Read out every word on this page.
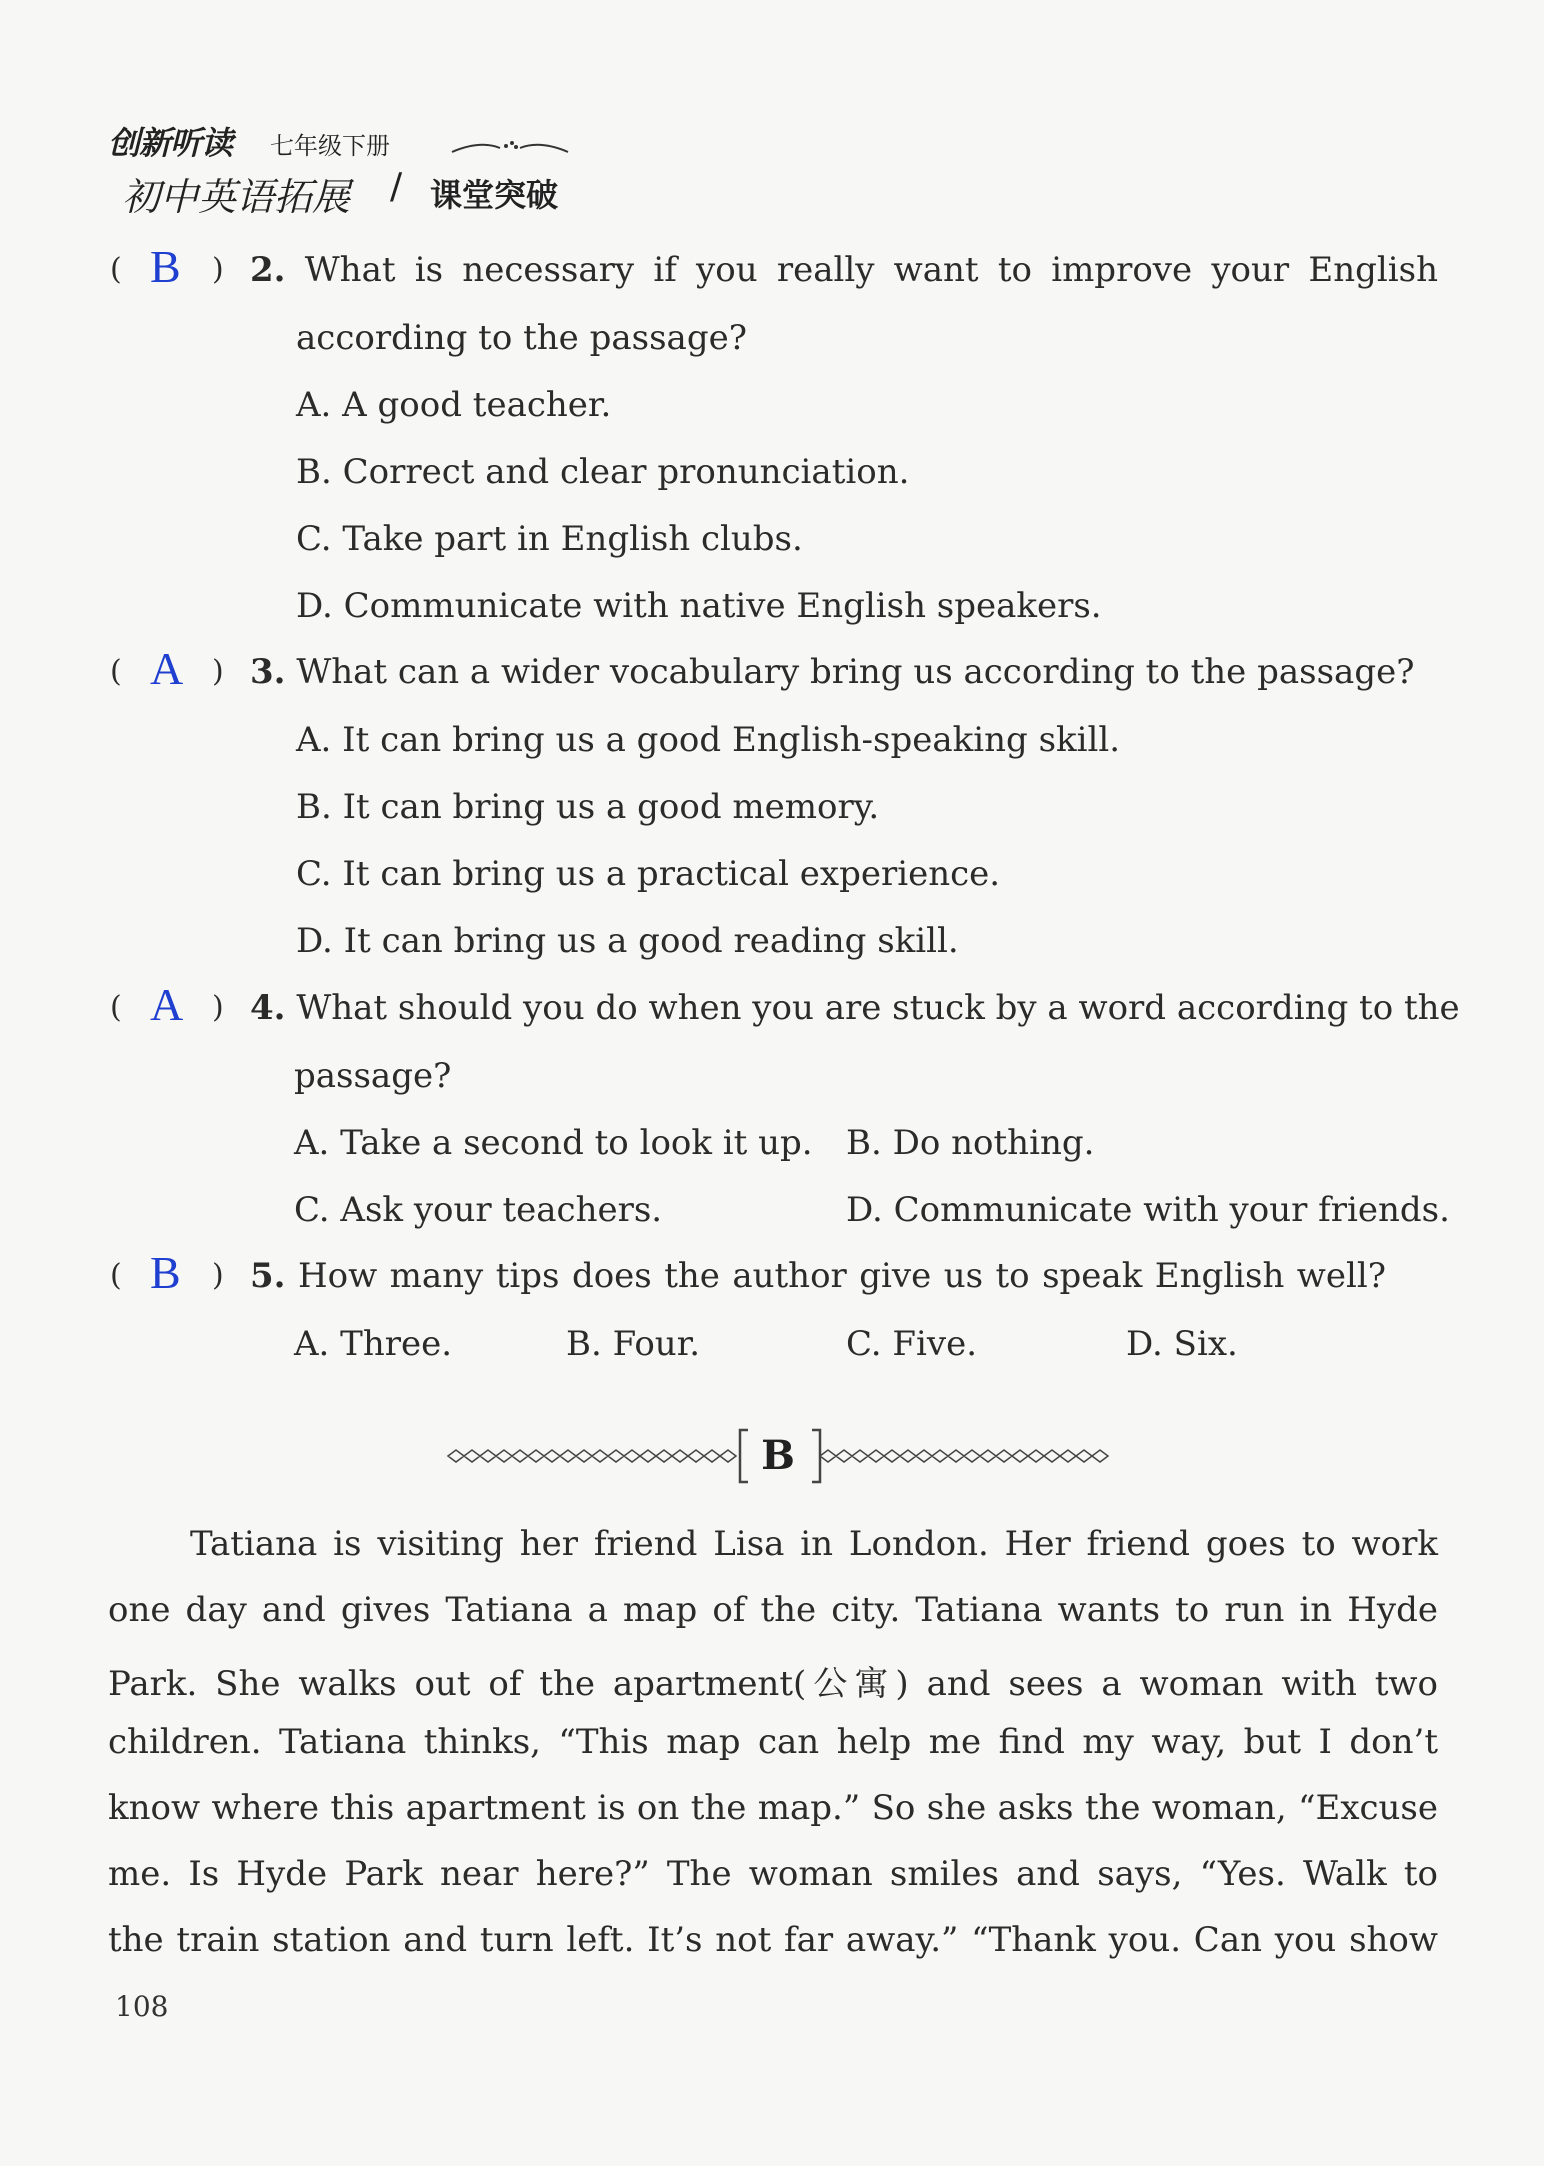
创新听读 七年级下册
初中英语拓展 / 课堂突破
( B ) 2. What is necessary if you really want to improve your English
according to the passage?
A. A good teacher.
B. Correct and clear pronunciation.
C. Take part in English clubs.
D. Communicate with native English speakers.
( A ) 3. What can a wider vocabulary bring us according to the passage?
A. It can bring us a good English-speaking skill.
B. It can bring us a good memory.
C. It can bring us a practical experience.
D. It can bring us a good reading skill.
( A ) 4. What should you do when you are stuck by a word according to the
passage?
A. Take a second to look it up. B. Do nothing.
C. Ask your teachers.	D. Communicate with your friends.
( B ) 5. How many tips does the author give us to speak English well?
A. Three.	B. Four.	C. Five.	D. Six.
B
Tatiana is visiting her friend Lisa in London. Her friend goes to work
one day and gives Tatiana a map of the city. Tatiana wants to run in Hyde
Park. She walks out of the apartment(公寓) and sees a woman with two
children. Tatiana thinks, “This map can help me find my way, but I don’t
know where this apartment is on the map.” So she asks the woman, “Excuse
me. Is Hyde Park near here?” The woman smiles and says, “Yes. Walk to
the train station and turn left. It’s not far away.” “Thank you. Can you show
108
